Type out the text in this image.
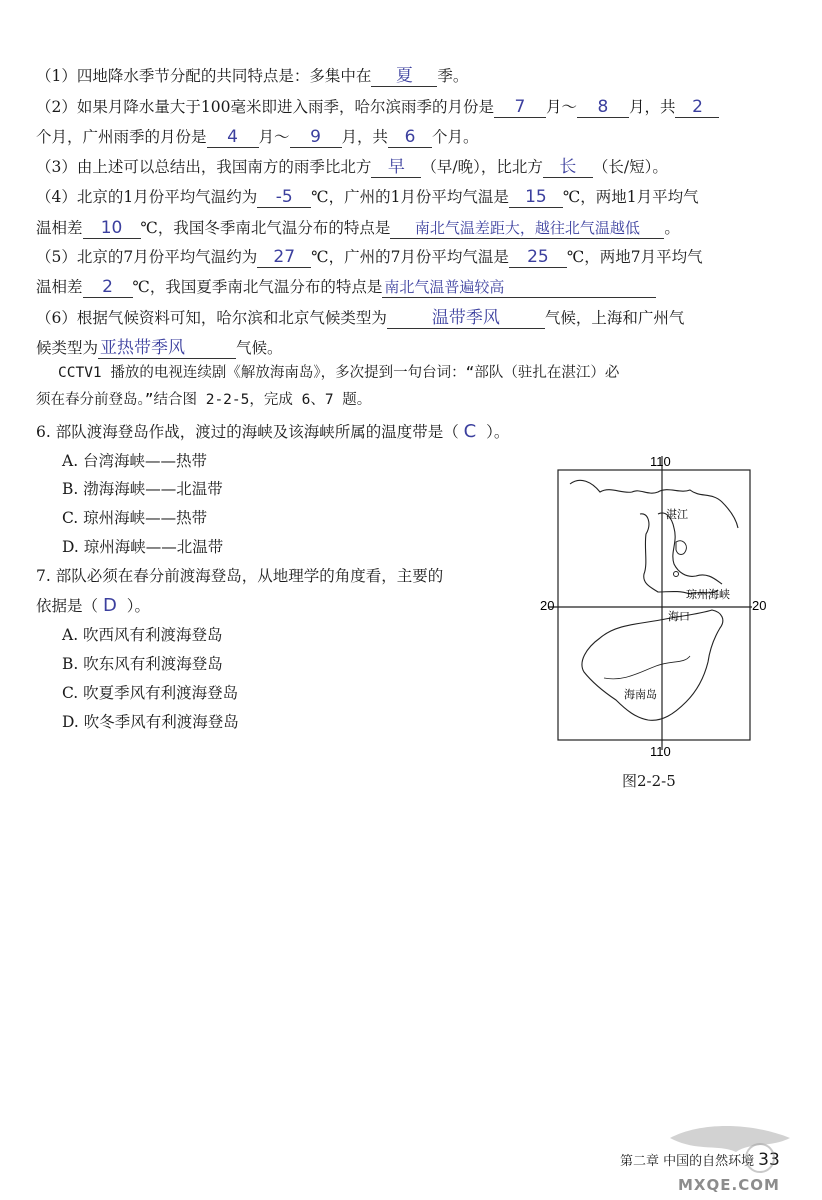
（1）四地降水季节分配的共同特点是：多集中在 夏 季。
（2）如果月降水量大于100毫米即进入雨季，哈尔滨雨季的月份是 7 月～ 8 月，共 2
个月，广州雨季的月份是 4 月～ 9 月，共 6 个月。
（3）由上述可以总结出，我国南方的雨季比北方 早 （早/晚），比北方 长 （长/短）。
（4）北京的1月份平均气温约为 -5 ℃，广州的1月份平均气温是 15 ℃，两地1月平均气
温相差 10 ℃，我国冬季南北气温分布的特点是 南北气温差距大，越往北气温越低 。
（5）北京的7月份平均气温约为 27 ℃，广州的7月份平均气温是 25 ℃，两地7月平均气
温相差 2 ℃，我国夏季南北气温分布的特点是 南北气温普遍较高
（6）根据气候资料可知，哈尔滨和北京气候类型为	温带季风	气候，上海和广州气
候类型为 亚热带季风	气候。
CCTV1 播放的电视连续剧《解放海南岛》，多次提到一句台词：“部队（驻扎在湛江）必
须在春分前登岛。”结合图 2-2-5，完成 6、7 题。
6. 部队渡海登岛作战，渡过的海峡及该海峡所属的温度带是（ C ）。
A. 台湾海峡——热带
B. 渤海海峡——北温带
C. 琼州海峡——热带
D. 琼州海峡——北温带
7. 部队必须在春分前渡海登岛，从地理学的角度看，主要的
依据是（ D ）。
A. 吹西风有利渡海登岛
B. 吹东风有利渡海登岛
C. 吹夏季风有利渡海登岛
D. 吹冬季风有利渡海登岛
110
110
20	20
湛江
琼州海峡
海口
海南岛
图2-2-5
第二章 中国的自然环境 33
MXQE.COM
